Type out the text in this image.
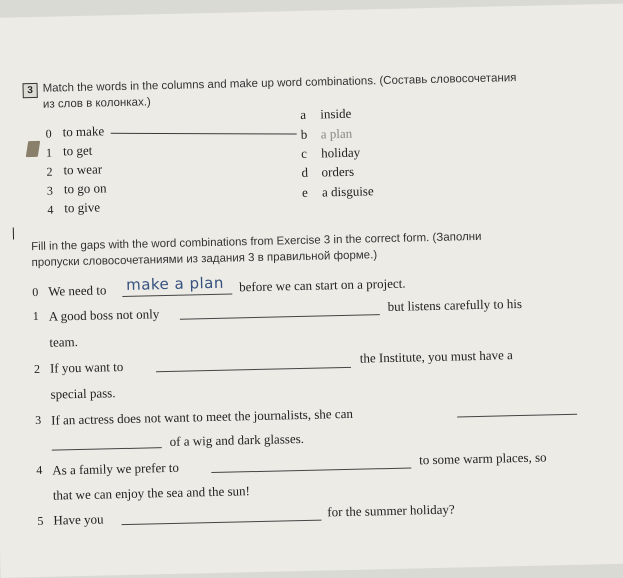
3 Match the words in the columns and make up word combinations. (Составь словосочетания
из слов в колонках.)
0 to make
1 to get
2 to wear
3 to go on
4 to give
a inside
b a plan
c holiday
d orders
e a disguise
Fill in the gaps with the word combinations from Exercise 3 in the correct form. (Заполни
пропуски словосочетаниями из задания 3 в правильной форме.)
0 We need to make a plan before we can start on a project.
1 A good boss not only
but listens carefully to his
team.
2 If you want to
the Institute, you must have a
special pass.
3 If an actress does not want to meet the journalists, she can
of a wig and dark glasses.
4 As a family we prefer to
to some warm places, so
that we can enjoy the sea and the sun!
5 Have you
for the summer holiday?
